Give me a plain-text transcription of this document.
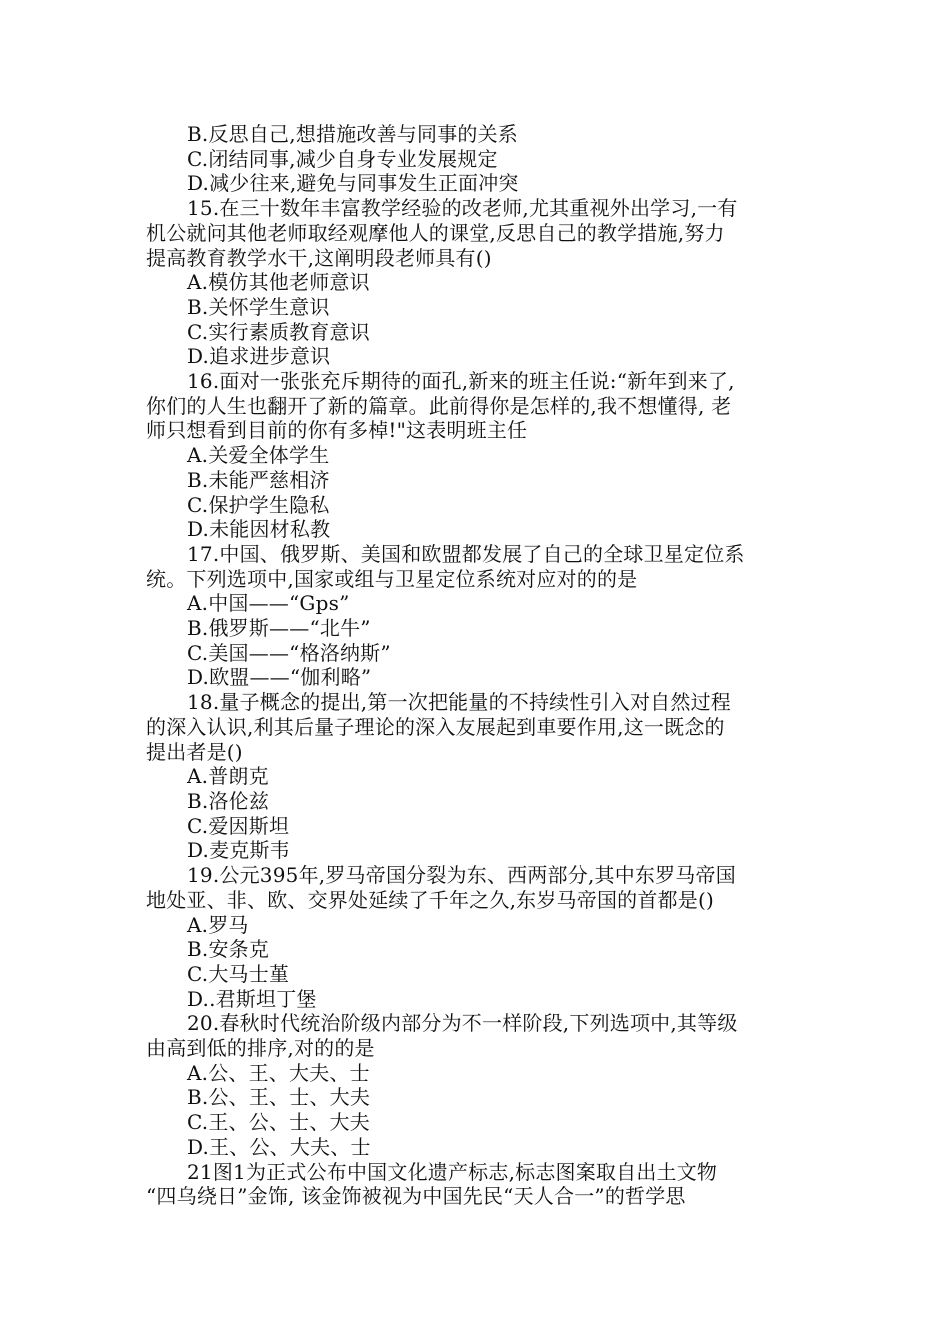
B.反思自己,想措施改善与同事的关系
C.闭结同事,减少自身专业发展规定
D.减少往来,避免与同事发生正面冲突
15.在三十数年丰富教学经验的改老师,尤其重视外出学习,一有
机公就问其他老师取经观摩他人的课堂,反思自己的教学措施,努力
提高教育教学水干,这阐明段老师具有()
A.模仿其他老师意识
B.关怀学生意识
C.实行素质教育意识
D.追求进步意识
16.面对一张张充斥期待的面孔,新来的班主任说:“新年到来了,
你们的人生也翻开了新的篇章。此前得你是怎样的,我不想懂得, 老
师只想看到目前的你有多棹!"这表明班主任
A.关爱全体学生
B.未能严慈相济
C.保护学生隐私
D.未能因材私教
17.中国、俄罗斯、美国和欧盟都发展了自己的全球卫星定位系
统。下列选项中,国家或组与卫星定位系统对应对的的是
A.中国——“Gps”
B.俄罗斯——“北牛”
C.美国——“格洛纳斯”
D.欧盟——“伽利略”
18.量子概念的提出,第一次把能量的不持续性引入对自然过程
的深入认识,利其后量子理论的深入友展起到車要作用,这一既念的
提出者是()
A.普朗克
B.洛伦兹
C.爱因斯坦
D.麦克斯韦
19.公元395年,罗马帝国分裂为东、西两部分,其中东罗马帝国
地处亚、非、欧、交界处延续了千年之久,东岁马帝国的首都是()
A.罗马
B.安条克
C.大马士堇
D..君斯坦丁堡
20.春秋时代统治阶级内部分为不一样阶段,下列选项中,其等级
由高到低的排序,对的的是
A.公、王、大夫、士
B.公、王、士、大夫
C.王、公、士、大夫
D.王、公、大夫、士
21图1为正式公布中国文化遗产标志,标志图案取自出土文物
“四乌绕日”金饰, 该金饰被视为中国先民“天人合一”的哲学思
